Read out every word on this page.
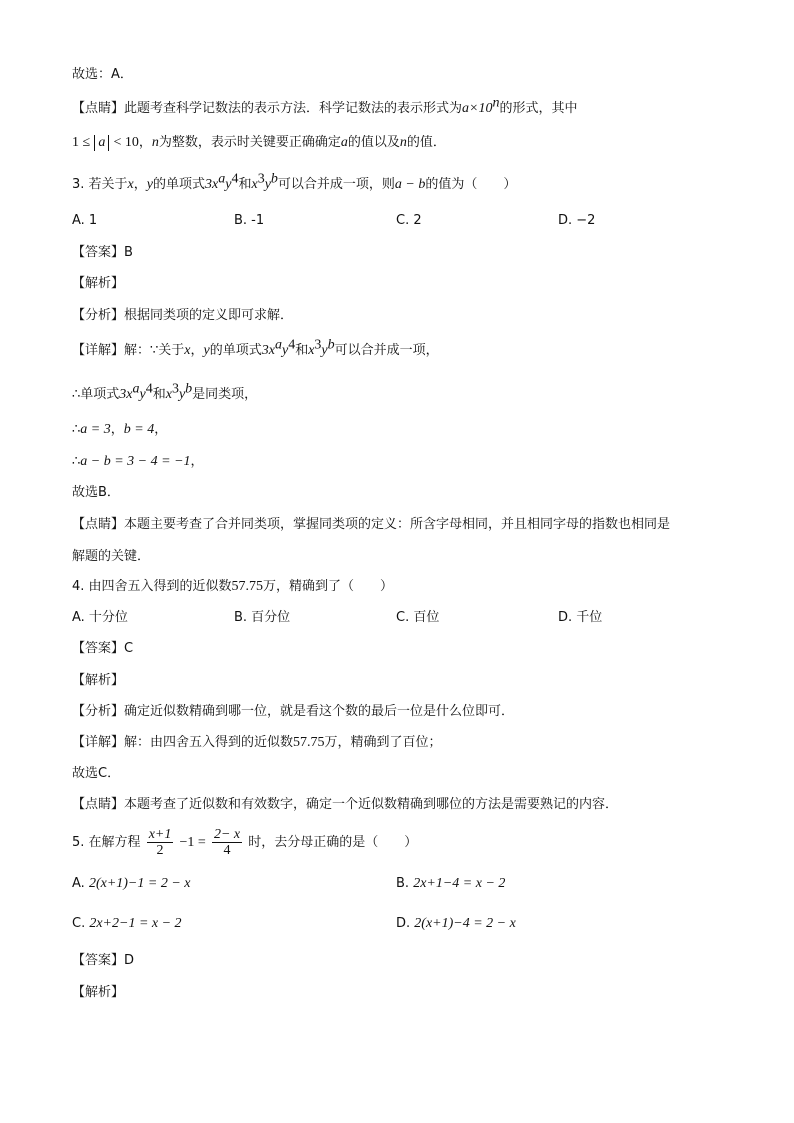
故选：A．
【点睛】此题考查科学记数法的表示方法．科学记数法的表示形式为$a\times 10^n$的形式，其中
1 ≤ a < 10，n为整数，表示时关键要正确确定a的值以及n的值．
3. 若关于x，y的单项式$3x^ay^4$和$x^3y^b$可以合并成一项，则a − b的值为（　　）
A. 1	B. -1	C. 2	D. −2
【答案】B
【解析】
【分析】根据同类项的定义即可求解．
【详解】解：∵关于x，y的单项式$3x^ay^4$和$x^3y^b$可以合并成一项，
∴单项式$3x^ay^4$和$x^3y^b$是同类项，
∴a = 3，b = 4，
∴a − b = 3 − 4 = −1，
故选B．
【点睛】本题主要考查了合并同类项，掌握同类项的定义：所含字母相同，并且相同字母的指数也相同是
解题的关键．
4. 由四舍五入得到的近似数57.75万，精确到了（　　）
A. 十分位	B. 百分位	C. 百位	D. 千位
【答案】C
【解析】
【分析】确定近似数精确到哪一位，就是看这个数的最后一位是什么位即可．
【详解】解：由四舍五入得到的近似数57.75万，精确到了百位；
故选C．
【点睛】本题考查了近似数和有效数字，确定一个近似数精确到哪位的方法是需要熟记的内容．
5. 在解方程 $\frac{x+1}{2} -1 = \frac{2- x}{4}$ 时，去分母正确的是（　　）
A. 2(x+1)−1 = 2 − x	B. 2x+1−4 = x − 2
C. 2x+2−1 = x − 2	D. 2(x+1)−4 = 2 − x
【答案】D
【解析】
